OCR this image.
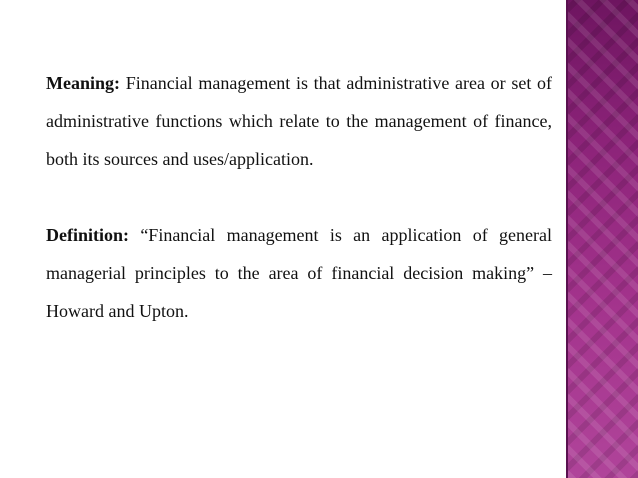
Meaning: Financial management is that administrative area or set of administrative functions which relate to the management of finance, both its sources and uses/application.

Definition: “Financial management is an application of general managerial principles to the area of financial decision making” – Howard and Upton.
